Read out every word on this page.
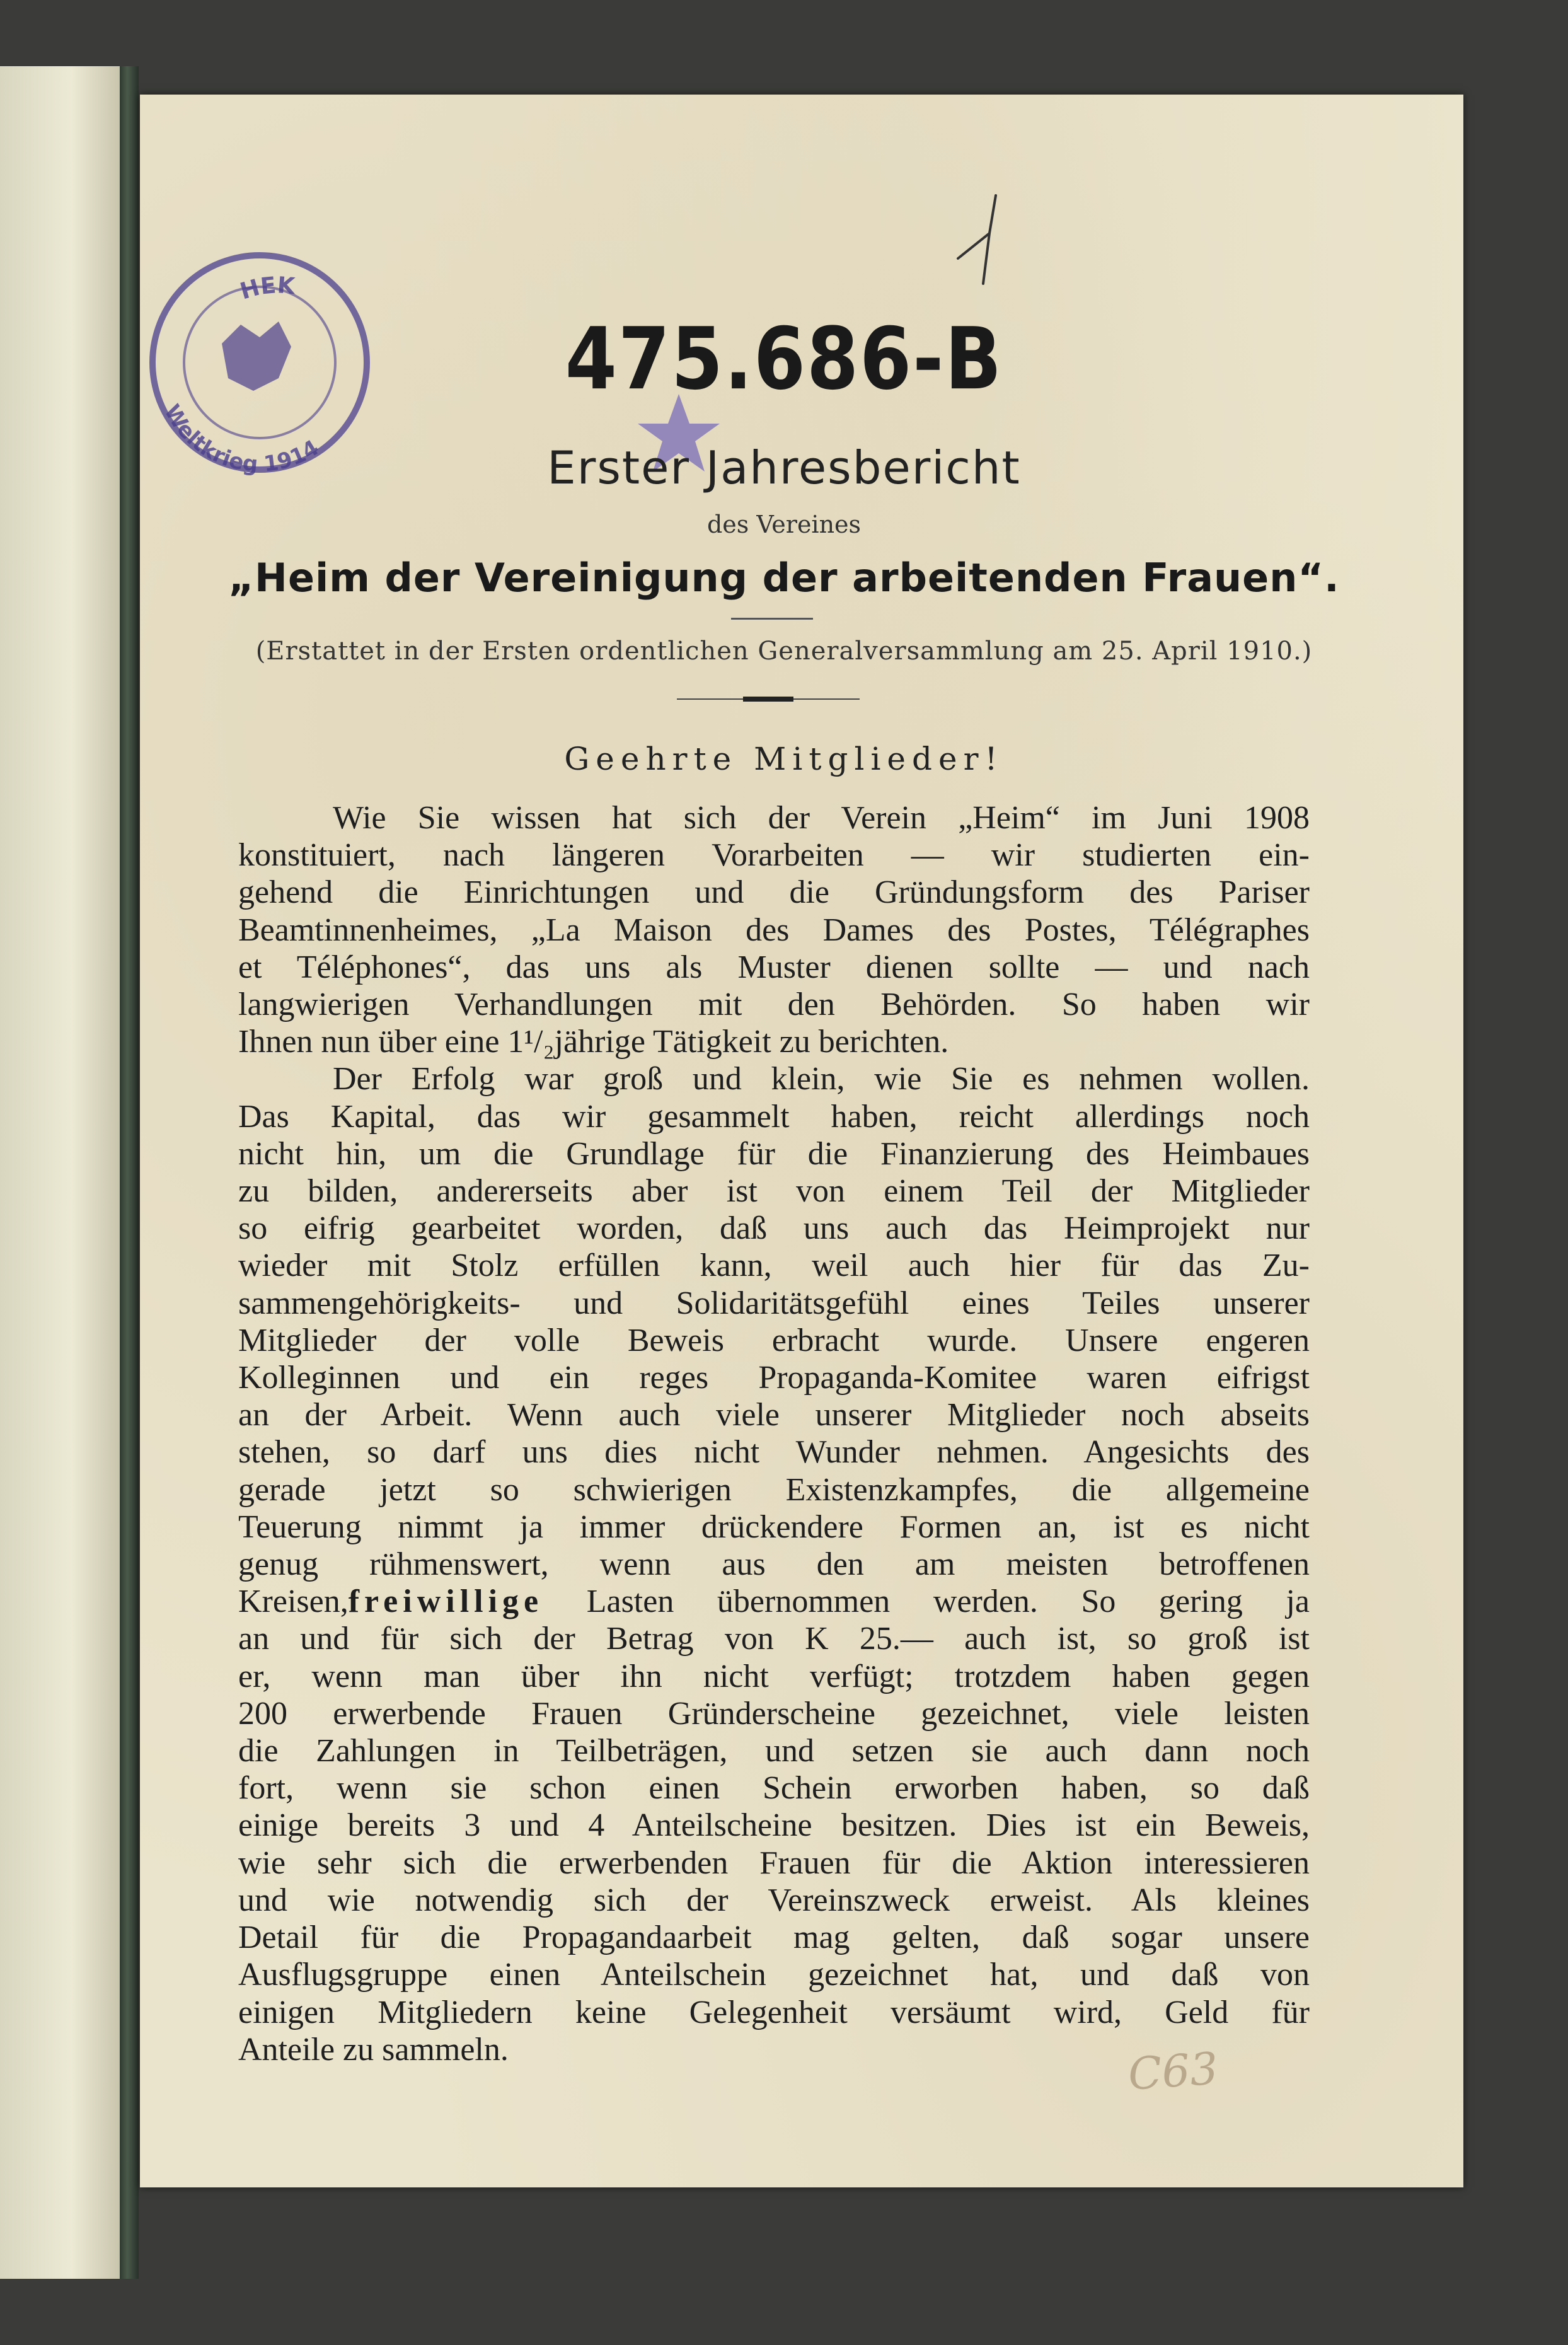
HEK
Weltkrieg 1914
1
475.686-B
Erster Jahresbericht
des Vereines
„Heim der Vereinigung der arbeitenden Frauen“.
(Erstattet in der Ersten ordentlichen Generalversammlung am 25. April 1910.)
Geehrte Mitglieder!
Wie Sie wissen hat sich der Verein „Heim“ im Juni 1908
konstituiert, nach längeren Vorarbeiten — wir studierten ein-
gehend die Einrichtungen und die Gründungsform des Pariser
Beamtinnenheimes, „La Maison des Dames des Postes, Télégraphes
et Téléphones“, das uns als Muster dienen sollte — und nach
langwierigen Verhandlungen mit den Behörden. So haben wir
Ihnen nun über eine 1¹/₂jährige Tätigkeit zu berichten.
Der Erfolg war groß und klein, wie Sie es nehmen wollen.
Das Kapital, das wir gesammelt haben, reicht allerdings noch
nicht hin, um die Grundlage für die Finanzierung des Heimbaues
zu bilden, andererseits aber ist von einem Teil der Mitglieder
so eifrig gearbeitet worden, daß uns auch das Heimprojekt nur
wieder mit Stolz erfüllen kann, weil auch hier für das Zu-
sammengehörigkeits- und Solidaritätsgefühl eines Teiles unserer
Mitglieder der volle Beweis erbracht wurde. Unsere engeren
Kolleginnen und ein reges Propaganda-Komitee waren eifrigst
an der Arbeit. Wenn auch viele unserer Mitglieder noch abseits
stehen, so darf uns dies nicht Wunder nehmen. Angesichts des
gerade jetzt so schwierigen Existenzkampfes, die allgemeine
Teuerung nimmt ja immer drückendere Formen an, ist es nicht
genug rühmenswert, wenn aus den am meisten betroffenen
Kreisen,freiwillige Lasten übernommen werden. So gering ja
an und für sich der Betrag von K 25.— auch ist, so groß ist
er, wenn man über ihn nicht verfügt; trotzdem haben gegen
200 erwerbende Frauen Gründerscheine gezeichnet, viele leisten
die Zahlungen in Teilbeträgen, und setzen sie auch dann noch
fort, wenn sie schon einen Schein erworben haben, so daß
einige bereits 3 und 4 Anteilscheine besitzen. Dies ist ein Beweis,
wie sehr sich die erwerbenden Frauen für die Aktion interessieren
und wie notwendig sich der Vereinszweck erweist. Als kleines
Detail für die Propagandaarbeit mag gelten, daß sogar unsere
Ausflugsgruppe einen Anteilschein gezeichnet hat, und daß von
einigen Mitgliedern keine Gelegenheit versäumt wird, Geld für
Anteile zu sammeln.	C63
